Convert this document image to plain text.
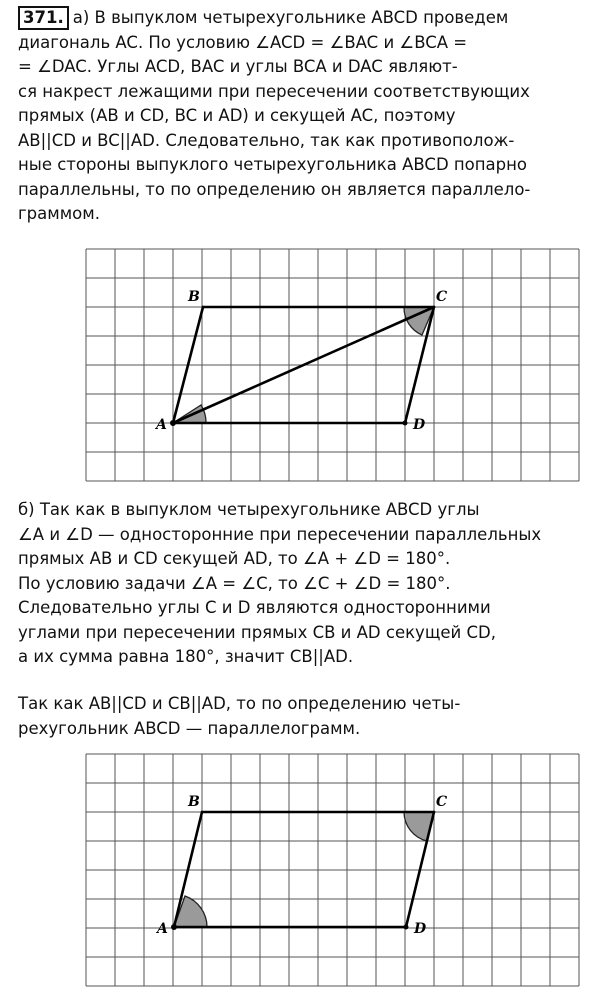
371. а) В выпуклом четырехугольнике ABCD проведем
диагональ AC. По условию ∠ACD = ∠BAC и ∠BCA =
= ∠DAC. Углы ACD, BAC и углы BCA и DAC являют-
ся накрест лежащими при пересечении соответствующих
прямых (AB и CD, BC и AD) и секущей AC, поэтому
AB||CD и BC||AD. Следовательно, так как противополож-
ные стороны выпуклого четырехугольника ABCD попарно
параллельны, то по определению он является параллело-
граммом.
A
B	C
D
б) Так как в выпуклом четырехугольнике ABCD углы
∠A и ∠D — односторонние при пересечении параллельных
прямых AB и CD секущей AD, то ∠A + ∠D = 180°.
По условию задачи ∠A = ∠C, то ∠C + ∠D = 180°.
Следовательно углы C и D являются односторонними
углами при пересечении прямых CB и AD секущей CD,
а их сумма равна 180°, значит CB||AD.
Так как AB||CD и CB||AD, то по определению четы-
рехугольник ABCD — параллелограмм.
A
B	C
D
